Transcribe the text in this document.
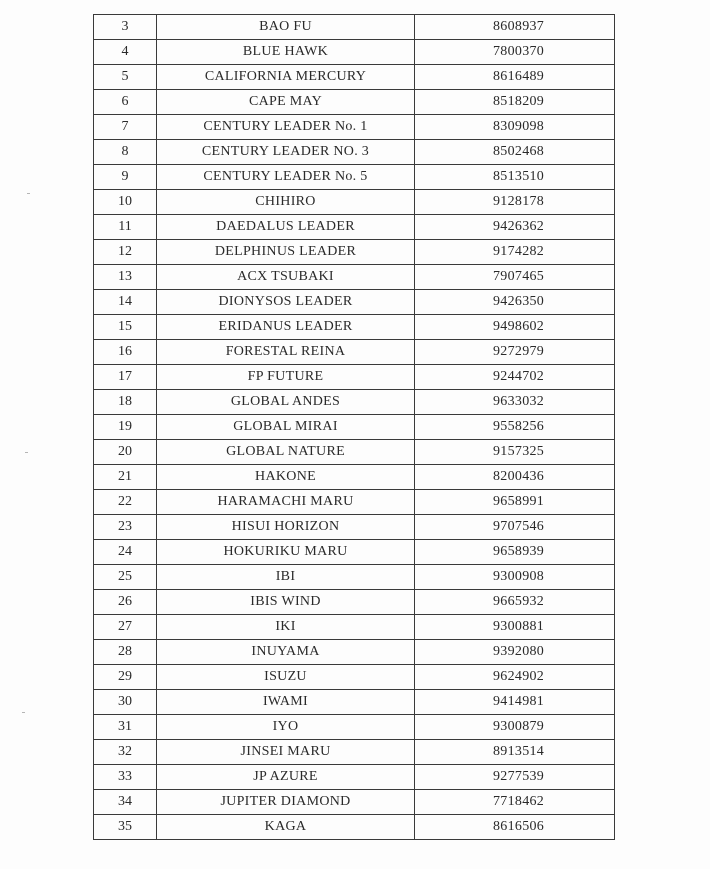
3	BAO FU	8608937
4	BLUE HAWK	7800370
5	CALIFORNIA MERCURY	8616489
6	CAPE MAY	8518209
7	CENTURY LEADER No. 1	8309098
8	CENTURY LEADER NO. 3	8502468
9	CENTURY LEADER No. 5	8513510
10	CHIHIRO	9128178
11	DAEDALUS LEADER	9426362
12	DELPHINUS LEADER	9174282
13	ACX TSUBAKI	7907465
14	DIONYSOS LEADER	9426350
15	ERIDANUS LEADER	9498602
16	FORESTAL REINA	9272979
17	FP FUTURE	9244702
18	GLOBAL ANDES	9633032
19	GLOBAL MIRAI	9558256
20	GLOBAL NATURE	9157325
21	HAKONE	8200436
22	HARAMACHI MARU	9658991
23	HISUI HORIZON	9707546
24	HOKURIKU MARU	9658939
25	IBI	9300908
26	IBIS WIND	9665932
27	IKI	9300881
28	INUYAMA	9392080
29	ISUZU	9624902
30	IWAMI	9414981
31	IYO	9300879
32	JINSEI MARU	8913514
33	JP AZURE	9277539
34	JUPITER DIAMOND	7718462
35	KAGA	8616506
